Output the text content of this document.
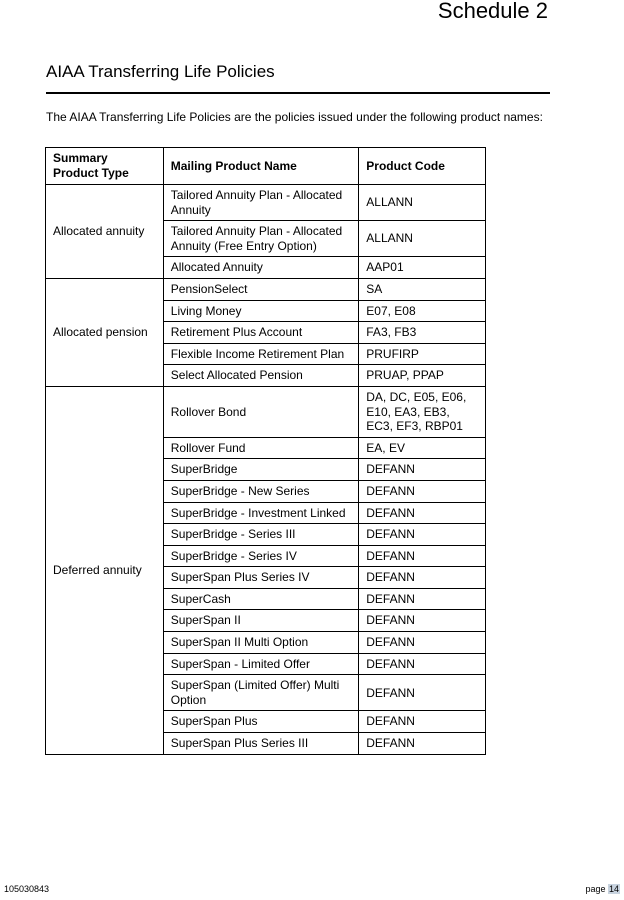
Schedule 2
AIAA Transferring Life Policies
The AIAA Transferring Life Policies are the policies issued under the following product names:
Summary Product Type	Mailing Product Name	Product Code
Allocated annuity	Tailored Annuity Plan - Allocated Annuity	ALLANN
	Tailored Annuity Plan - Allocated Annuity (Free Entry Option)	ALLANN
	Allocated Annuity	AAP01
Allocated pension	PensionSelect	SA
	Living Money	E07, E08
	Retirement Plus Account	FA3, FB3
	Flexible Income Retirement Plan	PRUFIRP
	Select Allocated Pension	PRUAP, PPAP
Deferred annuity	Rollover Bond	DA, DC, E05, E06, E10, EA3, EB3, EC3, EF3, RBP01
	Rollover Fund	EA, EV
	SuperBridge	DEFANN
	SuperBridge - New Series	DEFANN
	SuperBridge - Investment Linked	DEFANN
	SuperBridge - Series III	DEFANN
	SuperBridge - Series IV	DEFANN
	SuperSpan Plus Series IV	DEFANN
	SuperCash	DEFANN
	SuperSpan II	DEFANN
	SuperSpan II Multi Option	DEFANN
	SuperSpan - Limited Offer	DEFANN
	SuperSpan (Limited Offer) Multi Option	DEFANN
	SuperSpan Plus	DEFANN
	SuperSpan Plus Series III	DEFANN
105030843	page 14
